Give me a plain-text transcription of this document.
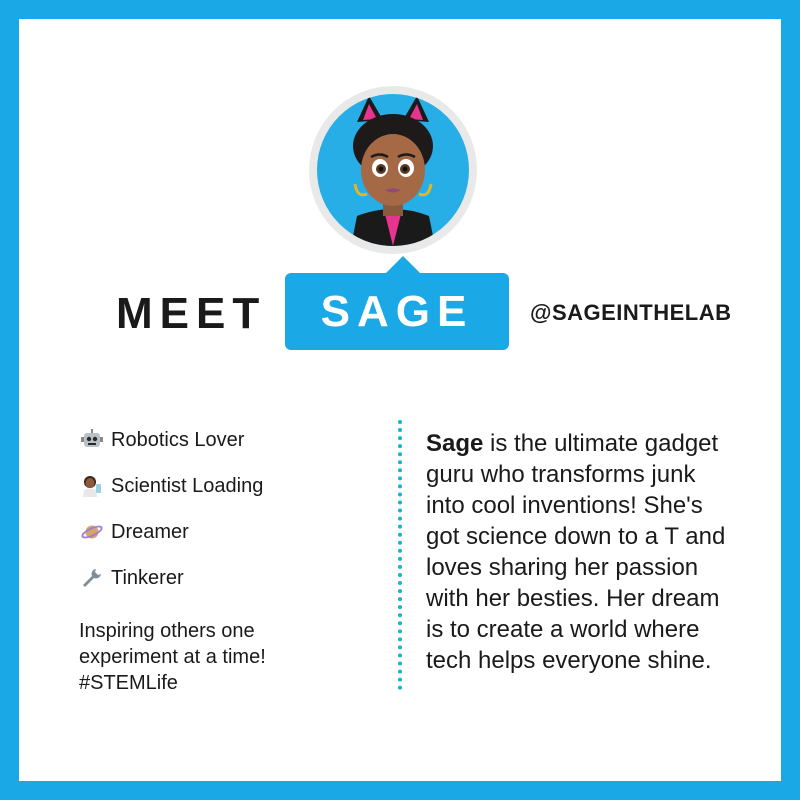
MEET	SAGE	@SAGEINTHELAB
Robotics Lover
Scientist Loading
Dreamer
Tinkerer
Inspiring others one
experiment at a time!
#STEMLife
Sage is the ultimate gadget
guru who transforms junk
into cool inventions! She's
got science down to a T and
loves sharing her passion
with her besties. Her dream
is to create a world where
tech helps everyone shine.
